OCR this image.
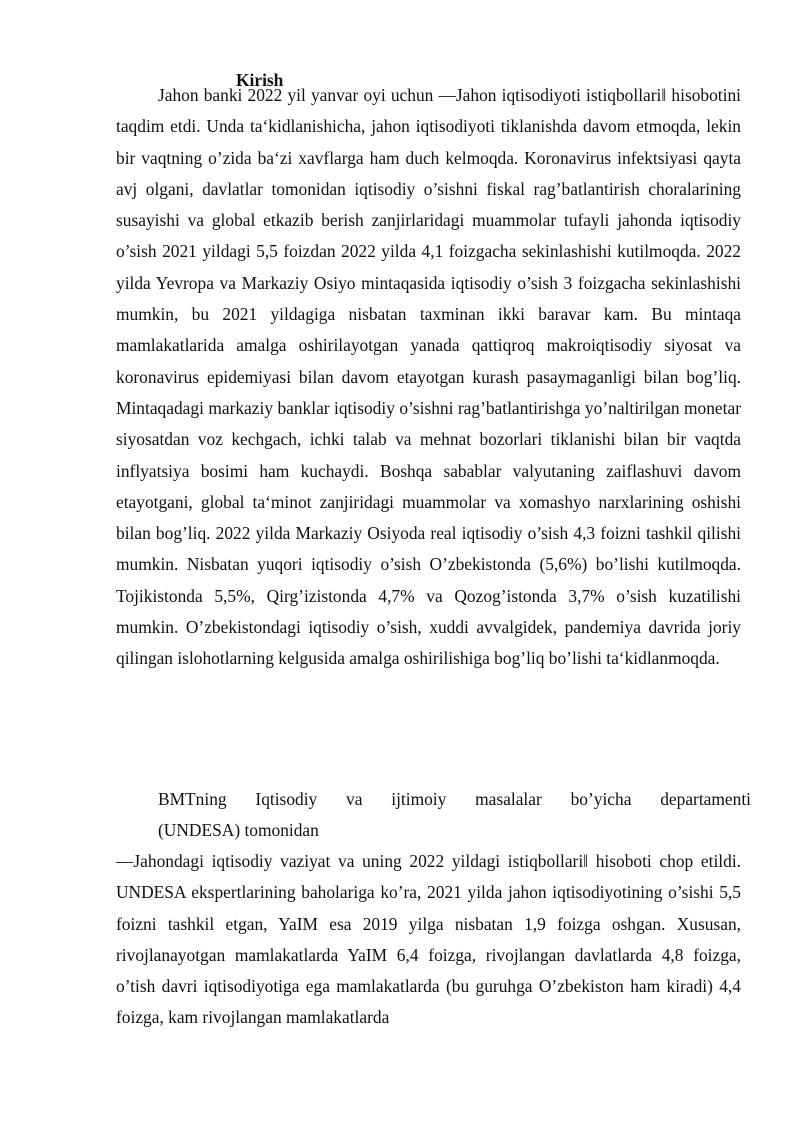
Kirish

Jahon banki 2022 yil yanvar oyi uchun ―Jahon iqtisodiyoti istiqbollari‖ hisobotini taqdim etdi. Unda ta‘kidlanishicha, jahon iqtisodiyoti tiklanishda davom etmoqda, lekin bir vaqtning o’zida ba‘zi xavflarga ham duch kelmoqda. Koronavirus infektsiyasi qayta avj olgani, davlatlar tomonidan iqtisodiy o’sishni fiskal rag’batlantirish choralarining susayishi va global etkazib berish zanjirlaridagi muammolar tufayli jahonda iqtisodiy o’sish 2021 yildagi 5,5 foizdan 2022 yilda 4,1 foizgacha sekinlashishi kutilmoqda. 2022 yilda Yevropa va Markaziy Osiyo mintaqasida iqtisodiy o’sish 3 foizgacha sekinlashishi mumkin, bu 2021 yildagiga nisbatan taxminan ikki baravar kam. Bu mintaqa mamlakatlarida amalga oshirilayotgan yanada qattiqroq makroiqtisodiy siyosat va koronavirus epidemiyasi bilan davom etayotgan kurash pasaymaganligi bilan bog’liq. Mintaqadagi markaziy banklar iqtisodiy o’sishni rag’batlantirishga yo’naltirilgan monetar siyosatdan voz kechgach, ichki talab va mehnat bozorlari tiklanishi bilan bir vaqtda inflyatsiya bosimi ham kuchaydi. Boshqa sabablar valyutaning zaiflashuvi davom etayotgani, global ta‘minot zanjiridagi muammolar va xomashyo narxlarining oshishi bilan bog’liq. 2022 yilda Markaziy Osiyoda real iqtisodiy o’sish 4,3 foizni tashkil qilishi mumkin. Nisbatan yuqori iqtisodiy o’sish O’zbekistonda (5,6%) bo’lishi kutilmoqda. Tojikistonda 5,5%, Qirg’izistonda 4,7% va Qozog’istonda 3,7% o’sish kuzatilishi mumkin. O’zbekistondagi iqtisodiy o’sish, xuddi avvalgidek, pandemiya davrida joriy qilingan islohotlarning kelgusida amalga oshirilishiga bog’liq bo’lishi ta‘kidlanmoqda.

BMTning Iqtisodiy va ijtimoiy masalalar bo’yicha departamenti

(UNDESA) tomonidan

―Jahondagi iqtisodiy vaziyat va uning 2022 yildagi istiqbollari‖ hisoboti chop etildi. UNDESA ekspertlarining baholariga ko’ra, 2021 yilda jahon iqtisodiyotining o’sishi 5,5 foizni tashkil etgan, YaIM esa 2019 yilga nisbatan 1,9 foizga oshgan. Xususan, rivojlanayotgan mamlakatlarda YaIM 6,4 foizga, rivojlangan davlatlarda 4,8 foizga, o’tish davri iqtisodiyotiga ega mamlakatlarda (bu guruhga O’zbekiston ham kiradi) 4,4 foizga, kam rivojlangan mamlakatlarda
